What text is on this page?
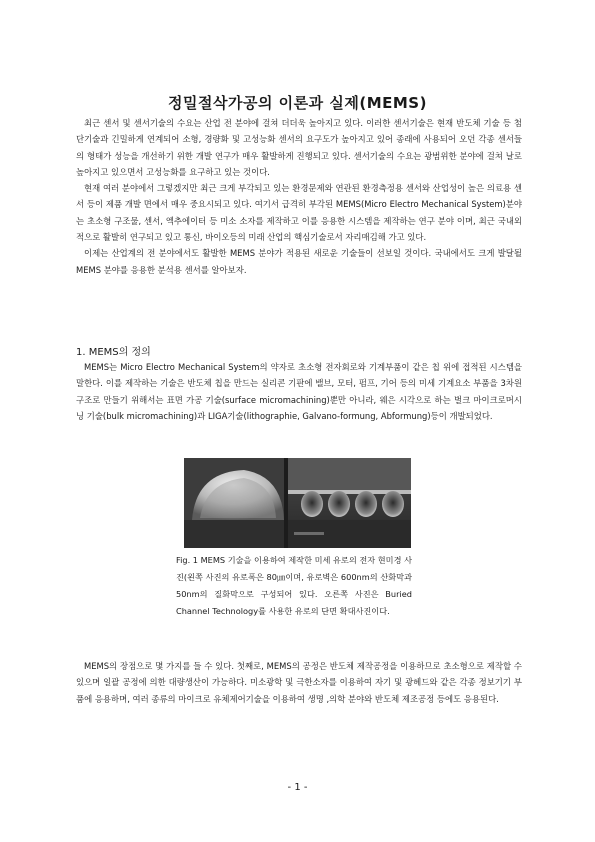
정밀절삭가공의 이론과 실제(MEMS)

최근 센서 및 센서기술의 수요는 산업 전 분야에 걸쳐 더더욱 높아지고 있다. 이러한 센서기술은 현재 반도체 기술 등 첨단기술과 긴밀하게 연계되어 소형, 경량화 및 고성능화 센서의 요구도가 높아지고 있어 종래에 사용되어 오던 각종 센서들의 형태가 성능을 개선하기 위한 개발 연구가 매우 활발하게 진행되고 있다. 센서기술의 수요는 광범위한 분야에 걸쳐 날로 높아지고 있으면서 고성능화를 요구하고 있는 것이다.

현재 여러 분야에서 그렇겠지만 최근 크게 부각되고 있는 환경문제와 연관된 환경측정용 센서와 산업성이 높은 의료용 센서 등이 제품 개발 면에서 매우 중요시되고 있다. 여기서 급격히 부각된 MEMS(Micro Electro Mechanical System)분야는 초소형 구조물, 센서, 엑추에이터 등 미소 소자를 제작하고 이를 응용한 시스템을 제작하는 연구 분야 이며, 최근 국내외적으로 활발히 연구되고 있고 통신, 바이오등의 미래 산업의 핵심기술로서 자리매김해 가고 있다.

이제는 산업계의 전 분야에서도 활발한 MEMS 분야가 적용된 새로운 기술들이 선보일 것이다. 국내에서도 크게 발달될 MEMS 분야를 응용한 분석용 센서를 알아보자.

1. MEMS의 정의

MEMS는 Micro Electro Mechanical System의 약자로 초소형 전자회로와 기계부품이 같은 칩 위에 접적된 시스템을 말한다. 이를 제작하는 기술은 반도체 칩을 만드는 실리콘 기판에 밸브, 모터, 펌프, 기어 등의 미세 기계요소 부품을 3차원구조로 만들기 위해서는 표면 가공 기술(surface micromachining)뿐만 아니라, 웨은 시각으로 하는 벌크 마이크로머시닝 기술(bulk micromachining)과 LIGA기술(lithographie, Galvano-formung, Abformung)등이 개발되었다.

Fig. 1 MEMS 기술을 이용하여 제작한 미세 유로의 전자 현미경 사진(왼쪽 사진의 유로폭은 80㎛이며, 유로벽은 600nm의 산화막과 50nm의 질화막으로 구성되어 있다. 오른쪽 사진은 Buried Channel Technology를 사용한 유로의 단면 확대사진이다.

MEMS의 장점으로 몇 가지를 들 수 있다. 첫째로, MEMS의 공정은 반도체 제작공정을 이용하므로 초소형으로 제작할 수 있으며 일괄 공정에 의한 대량생산이 가능하다. 미소광학 및 극한소자를 이용하여 자기 및 광헤드와 같은 각종 정보기기 부품에 응용하며, 여러 종류의 마이크로 유체제어기술을 이용하여 생명 ,의학 분야와 반도체 제조공정 등에도 응용된다.

- 1 -
